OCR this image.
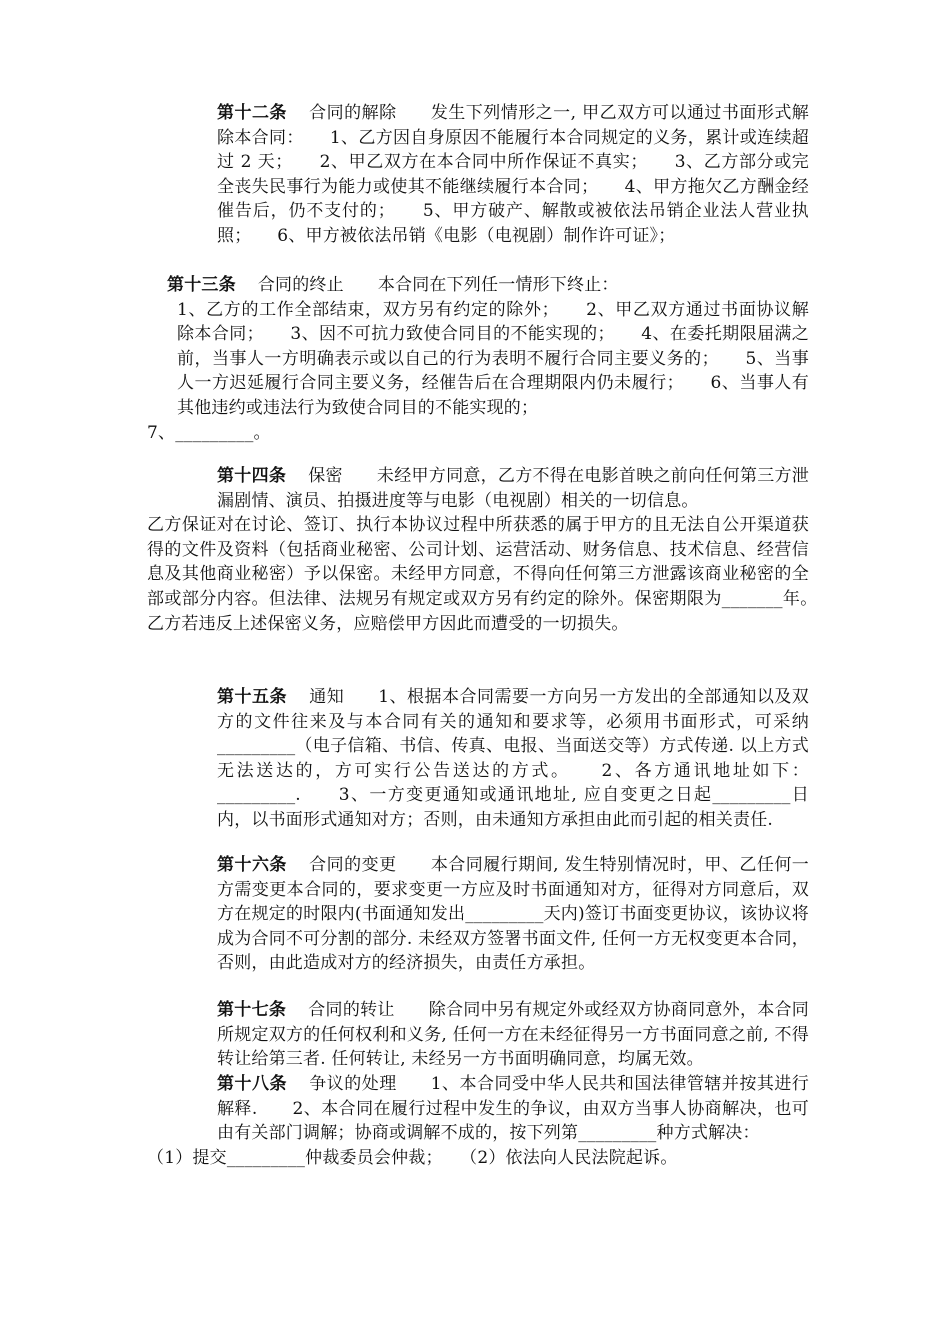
第十二条 合同的解除 发生下列情形之一, 甲乙双方可以通过书面形式解除本合同：　　1、乙方因自身原因不能履行本合同规定的义务，累计或连续超过 2 天；　　2、甲乙双方在本合同中所作保证不真实；　　3、乙方部分或完全丧失民事行为能力或使其不能继续履行本合同；　　4、甲方拖欠乙方酬金经催告后，仍不支付的；　　5、甲方破产、解散或被依法吊销企业法人营业执照；　　6、甲方被依法吊销《电影（电视剧）制作许可证》；
第十三条 合同的终止 本合同在下列任一情形下终止：
1、乙方的工作全部结束，双方另有约定的除外；　　2、甲乙双方通过书面协议解除本合同；　　3、因不可抗力致使合同目的不能实现的；　　4、在委托期限届满之前，当事人一方明确表示或以自己的行为表明不履行合同主要义务的；　　5、当事人一方迟延履行合同主要义务，经催告后在合理期限内仍未履行；　　6、当事人有其他违约或违法行为致使合同目的不能实现的；
7、_________。
第十四条 保密 未经甲方同意，乙方不得在电影首映之前向任何第三方泄漏剧情、演员、拍摄进度等与电影（电视剧）相关的一切信息。
乙方保证对在讨论、签订、执行本协议过程中所获悉的属于甲方的且无法自公开渠道获得的文件及资料（包括商业秘密、公司计划、运营活动、财务信息、技术信息、经营信息及其他商业秘密）予以保密。未经甲方同意，不得向任何第三方泄露该商业秘密的全部或部分内容。但法律、法规另有规定或双方另有约定的除外。保密期限为_______年。　　乙方若违反上述保密义务，应赔偿甲方因此而遭受的一切损失。
第十五条 通知 1、根据本合同需要一方向另一方发出的全部通知以及双方的文件往来及与本合同有关的通知和要求等，必须用书面形式，可采纳_________（电子信箱、书信、传真、电报、当面送交等）方式传递. 以上方式无法送达的，方可实行公告送达的方式。　　2、各方通讯地址如下：_________.　　3、一方变更通知或通讯地址, 应自变更之日起_________日内，以书面形式通知对方；否则，由未通知方承担由此而引起的相关责任.
第十六条 合同的变更 本合同履行期间, 发生特别情况时，甲、乙任何一方需变更本合同的，要求变更一方应及时书面通知对方，征得对方同意后，双方在规定的时限内(书面通知发出_________天内)签订书面变更协议，该协议将成为合同不可分割的部分. 未经双方签署书面文件, 任何一方无权变更本合同，否则，由此造成对方的经济损失，由责任方承担。
第十七条 合同的转让 除合同中另有规定外或经双方协商同意外，本合同所规定双方的任何权利和义务, 任何一方在未经征得另一方书面同意之前, 不得转让给第三者. 任何转让, 未经另一方书面明确同意，均属无效。
第十八条 争议的处理 1、本合同受中华人民共和国法律管辖并按其进行解释.　　2、本合同在履行过程中发生的争议，由双方当事人协商解决，也可由有关部门调解；协商或调解不成的，按下列第_________种方式解决：
（1）提交_________仲裁委员会仲裁；　　（2）依法向人民法院起诉。
